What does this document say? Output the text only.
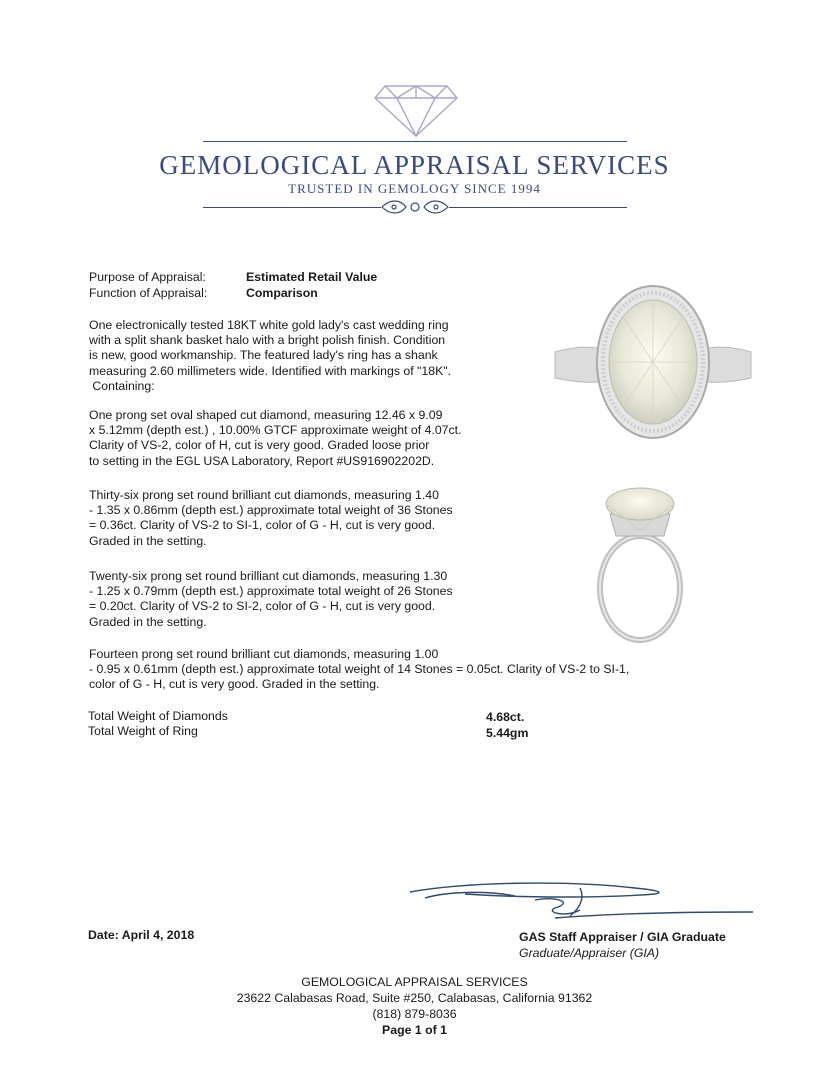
GEMOLOGICAL APPRAISAL SERVICES
TRUSTED IN GEMOLOGY SINCE 1994
Purpose of Appraisal:	Estimated Retail Value
Function of Appraisal:	Comparison
One electronically tested 18KT white gold lady's cast wedding ring
with a split shank basket halo with a bright polish finish. Condition
is new, good workmanship. The featured lady's ring has a shank
measuring 2.60 millimeters wide. Identified with markings of "18K".
Containing:
One prong set oval shaped cut diamond, measuring 12.46 x 9.09
x 5.12mm (depth est.) , 10.00% GTCF approximate weight of 4.07ct.
Clarity of VS-2, color of H, cut is very good. Graded loose prior
to setting in the EGL USA Laboratory, Report #US916902202D.
Thirty-six prong set round brilliant cut diamonds, measuring 1.40
- 1.35 x 0.86mm (depth est.) approximate total weight of 36 Stones
= 0.36ct. Clarity of VS-2 to SI-1, color of G - H, cut is very good.
Graded in the setting.
Twenty-six prong set round brilliant cut diamonds, measuring 1.30
- 1.25 x 0.79mm (depth est.) approximate total weight of 26 Stones
= 0.20ct. Clarity of VS-2 to SI-2, color of G - H, cut is very good.
Graded in the setting.
Fourteen prong set round brilliant cut diamonds, measuring 1.00
- 0.95 x 0.61mm (depth est.) approximate total weight of 14 Stones = 0.05ct. Clarity of VS-2 to SI-1,
color of G - H, cut is very good. Graded in the setting.
Total Weight of Diamonds	4.68ct.
Total Weight of Ring	5.44gm
Date: April 4, 2018	GAS Staff Appraiser / GIA Graduate
Graduate/Appraiser (GIA)
GEMOLOGICAL APPRAISAL SERVICES
23622 Calabasas Road, Suite #250, Calabasas, California 91362
(818) 879-8036
Page 1 of 1
